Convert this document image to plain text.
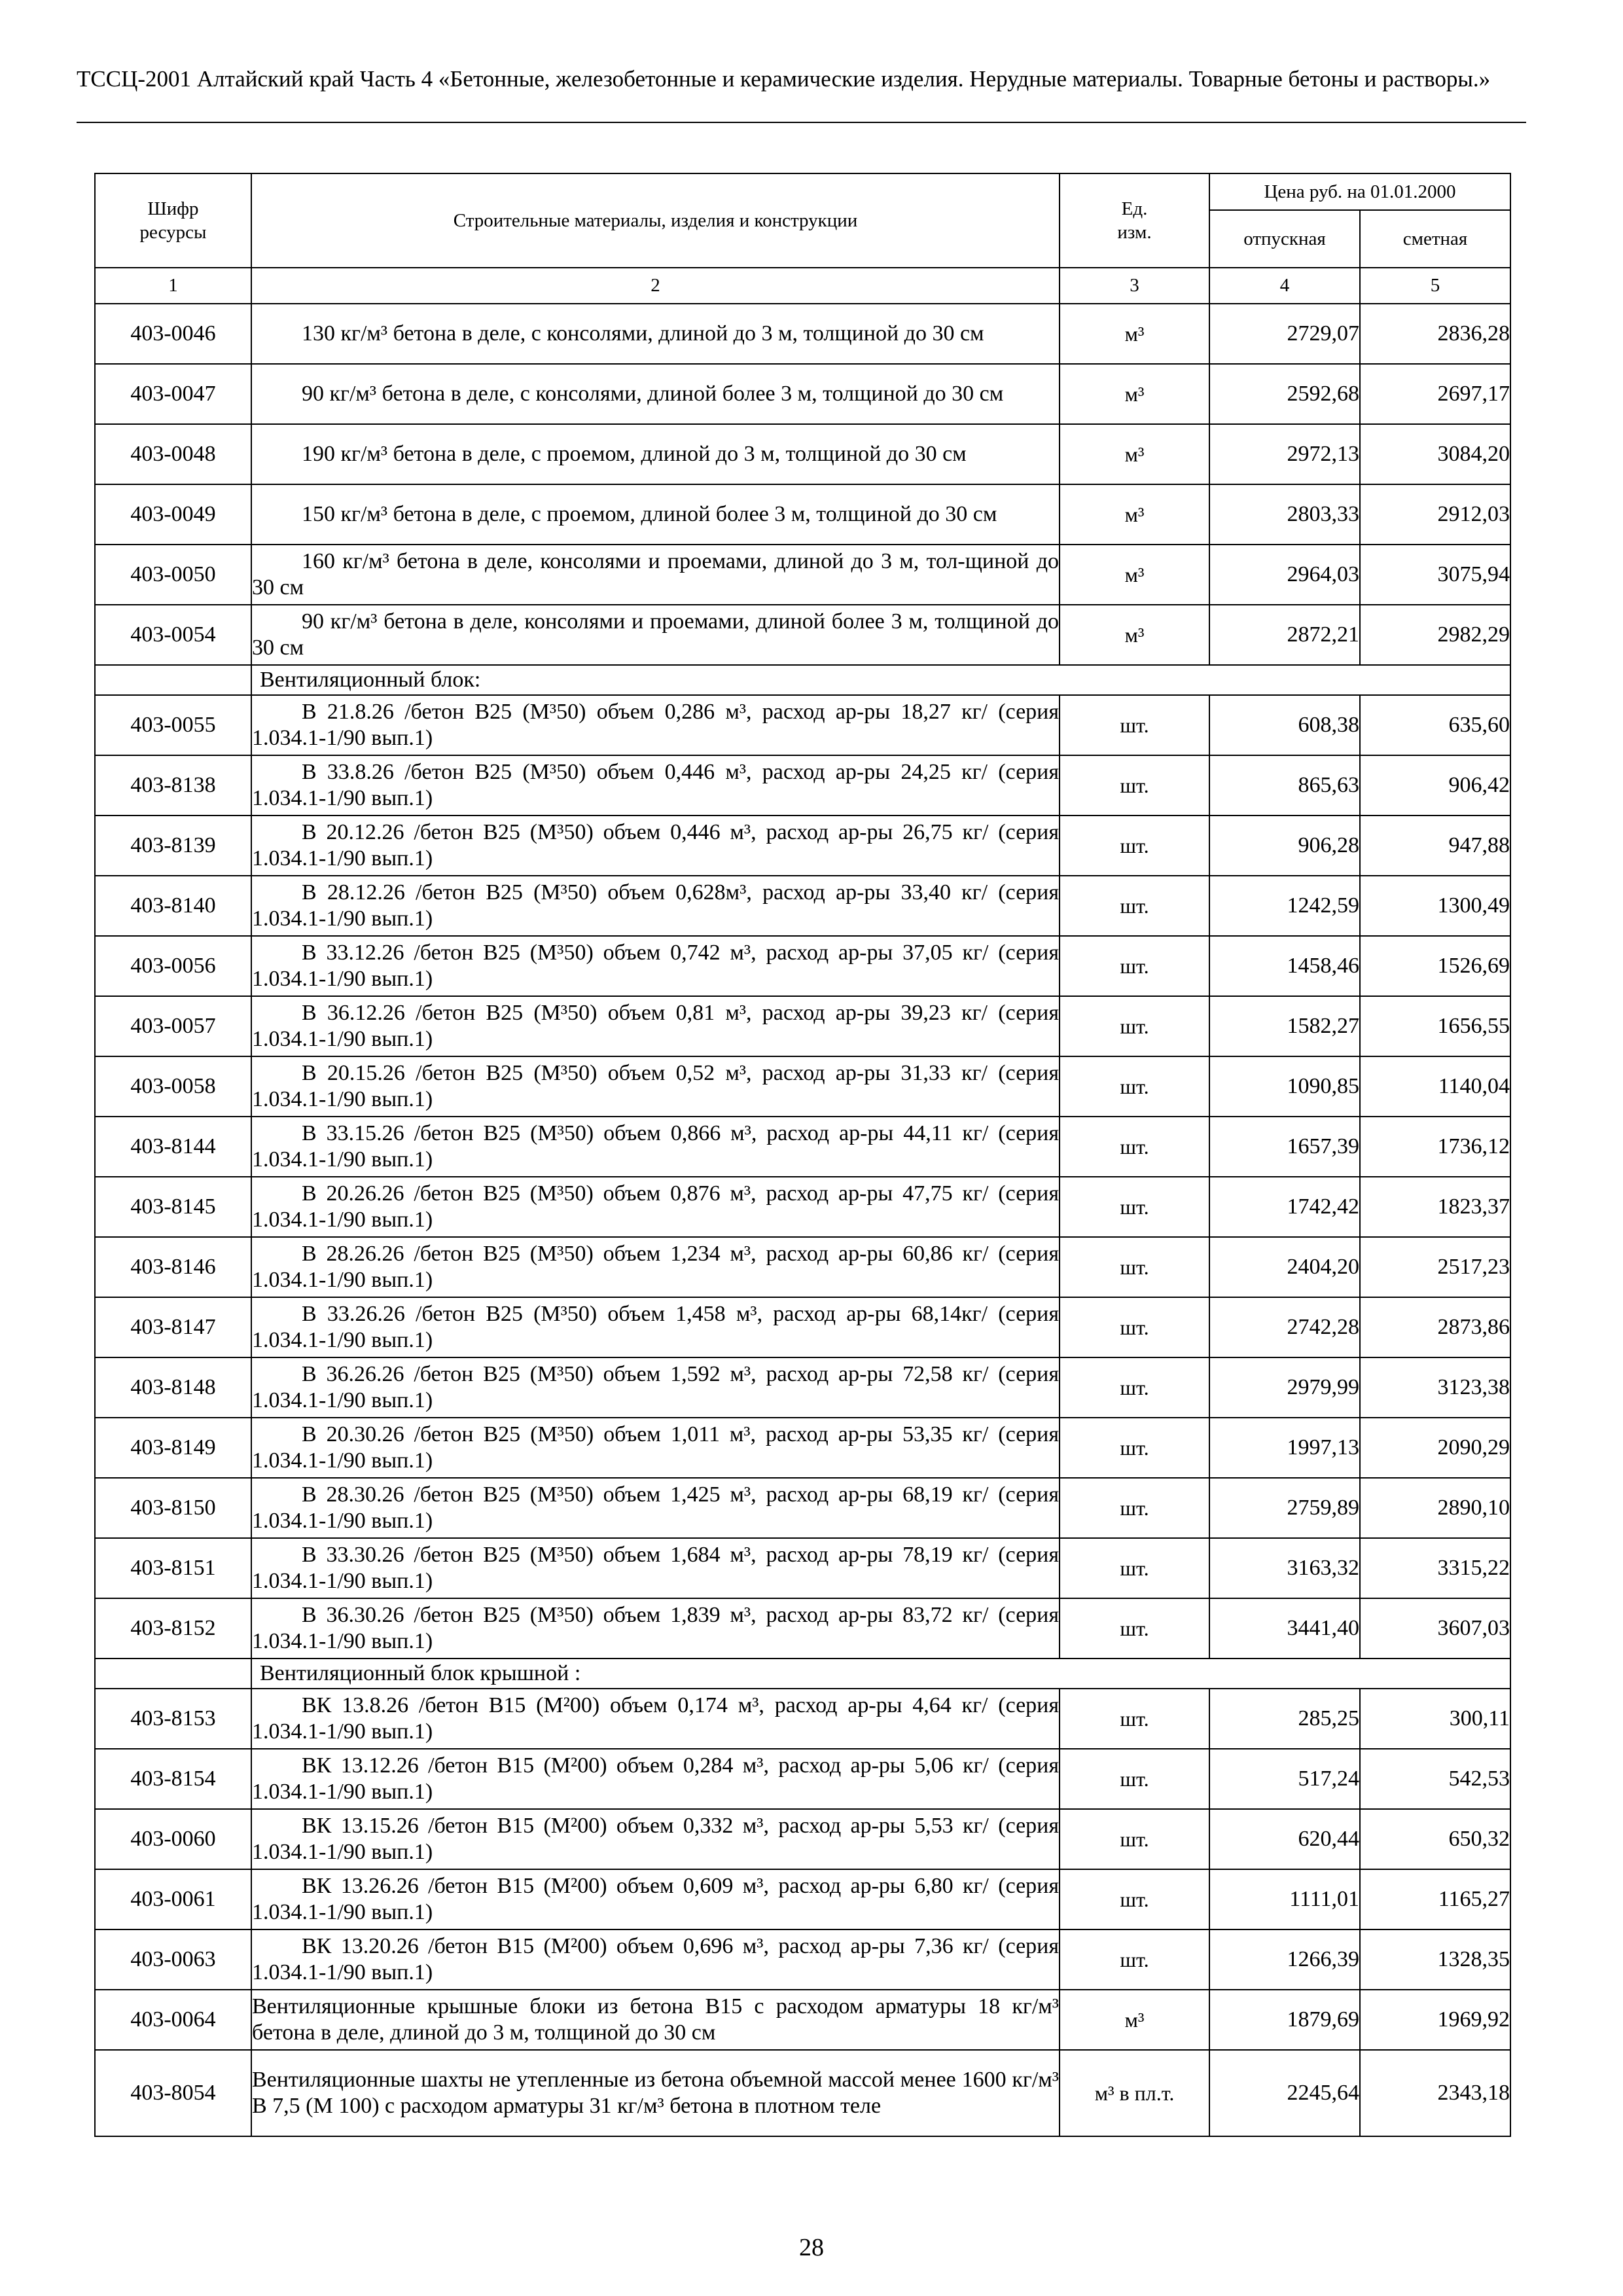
ТССЦ-2001 Алтайский край Часть 4 «Бетонные, железобетонные и керамические изделия. Нерудные материалы. Товарные бетоны и растворы.»
Шифр ресурсы	Строительные материалы, изделия и конструкции	Ед. изм.	Цена руб. на 01.01.2000	
			отпускная	сметная
1	2	3	4	5
403-0046	130 кг/м³ бетона в деле, с консолями, длиной до 3 м, толщиной до 30 см	м³	2729,07	2836,28
403-0047	90 кг/м³ бетона в деле, с консолями, длиной более 3 м, толщиной до 30 см	м³	2592,68	2697,17
403-0048	190 кг/м³ бетона в деле, с проемом, длиной до 3 м, толщиной до 30 см	м³	2972,13	3084,20
403-0049	150 кг/м³ бетона в деле, с проемом, длиной более 3 м, толщиной до 30 см	м³	2803,33	2912,03
403-0050	160 кг/м³ бетона в деле, консолями и проемами, длиной до 3 м, тол-щиной до 30 см	м³	2964,03	3075,94
403-0054	90 кг/м³ бетона в деле, консолями и проемами, длиной более 3 м, толщиной до 30 см	м³	2872,21	2982,29
	Вентиляционный блок:			
403-0055	В 21.8.26 /бетон В25 (М³50) объем 0,286 м³, расход ар-ры 18,27 кг/ (серия 1.034.1-1/90 вып.1)	шт.	608,38	635,60
403-8138	В 33.8.26 /бетон В25 (М³50) объем 0,446 м³, расход ар-ры 24,25 кг/ (серия 1.034.1-1/90 вып.1)	шт.	865,63	906,42
403-8139	В 20.12.26 /бетон В25 (М³50) объем 0,446 м³, расход ар-ры 26,75 кг/ (серия 1.034.1-1/90 вып.1)	шт.	906,28	947,88
403-8140	В 28.12.26 /бетон В25 (М³50) объем 0,628м³, расход ар-ры 33,40 кг/ (серия 1.034.1-1/90 вып.1)	шт.	1242,59	1300,49
403-0056	В 33.12.26 /бетон В25 (М³50) объем 0,742 м³, расход ар-ры 37,05 кг/ (серия 1.034.1-1/90 вып.1)	шт.	1458,46	1526,69
403-0057	В 36.12.26 /бетон В25 (М³50) объем 0,81 м³, расход ар-ры 39,23 кг/ (серия 1.034.1-1/90 вып.1)	шт.	1582,27	1656,55
403-0058	В 20.15.26 /бетон В25 (М³50) объем 0,52 м³, расход ар-ры 31,33 кг/ (серия 1.034.1-1/90 вып.1)	шт.	1090,85	1140,04
403-8144	В 33.15.26 /бетон В25 (М³50) объем 0,866 м³, расход ар-ры 44,11 кг/ (серия 1.034.1-1/90 вып.1)	шт.	1657,39	1736,12
403-8145	В 20.26.26 /бетон В25 (М³50) объем 0,876 м³, расход ар-ры 47,75 кг/ (серия 1.034.1-1/90 вып.1)	шт.	1742,42	1823,37
403-8146	В 28.26.26 /бетон В25 (М³50) объем 1,234 м³, расход ар-ры 60,86 кг/ (серия 1.034.1-1/90 вып.1)	шт.	2404,20	2517,23
403-8147	В 33.26.26 /бетон В25 (М³50) объем 1,458 м³, расход ар-ры 68,14кг/ (серия 1.034.1-1/90 вып.1)	шт.	2742,28	2873,86
403-8148	В 36.26.26 /бетон В25 (М³50) объем 1,592 м³, расход ар-ры 72,58 кг/ (серия 1.034.1-1/90 вып.1)	шт.	2979,99	3123,38
403-8149	В 20.30.26 /бетон В25 (М³50) объем 1,011 м³, расход ар-ры 53,35 кг/ (серия 1.034.1-1/90 вып.1)	шт.	1997,13	2090,29
403-8150	В 28.30.26 /бетон В25 (М³50) объем 1,425 м³, расход ар-ры 68,19 кг/ (серия 1.034.1-1/90 вып.1)	шт.	2759,89	2890,10
403-8151	В 33.30.26 /бетон В25 (М³50) объем 1,684 м³, расход ар-ры 78,19 кг/ (серия 1.034.1-1/90 вып.1)	шт.	3163,32	3315,22
403-8152	В 36.30.26 /бетон В25 (М³50) объем 1,839 м³, расход ар-ры 83,72 кг/ (серия 1.034.1-1/90 вып.1)	шт.	3441,40	3607,03
	Вентиляционный блок крышной :			
403-8153	ВК 13.8.26 /бетон В15 (М²00) объем 0,174 м³, расход ар-ры 4,64 кг/ (серия 1.034.1-1/90 вып.1)	шт.	285,25	300,11
403-8154	ВК 13.12.26 /бетон В15 (М²00) объем 0,284 м³, расход ар-ры 5,06 кг/ (серия 1.034.1-1/90 вып.1)	шт.	517,24	542,53
403-0060	ВК 13.15.26 /бетон В15 (М²00) объем 0,332 м³, расход ар-ры 5,53 кг/ (серия 1.034.1-1/90 вып.1)	шт.	620,44	650,32
403-0061	ВК 13.26.26 /бетон В15 (М²00) объем 0,609 м³, расход ар-ры 6,80 кг/ (серия 1.034.1-1/90 вып.1)	шт.	1111,01	1165,27
403-0063	ВК 13.20.26 /бетон В15 (М²00) объем 0,696 м³, расход ар-ры 7,36 кг/ (серия 1.034.1-1/90 вып.1)	шт.	1266,39	1328,35
403-0064	Вентиляционные крышные блоки из бетона В15 с расходом арматуры 18 кг/м³ бетона в деле, длиной до 3 м, толщиной до 30 см	м³	1879,69	1969,92
403-8054	Вентиляционные шахты не утепленные из бетона объемной массой менее 1600 кг/м³ В 7,5 (М 100) с расходом арматуры 31 кг/м³ бетона в плотном теле	м³ в пл.т.	2245,64	2343,18
28
